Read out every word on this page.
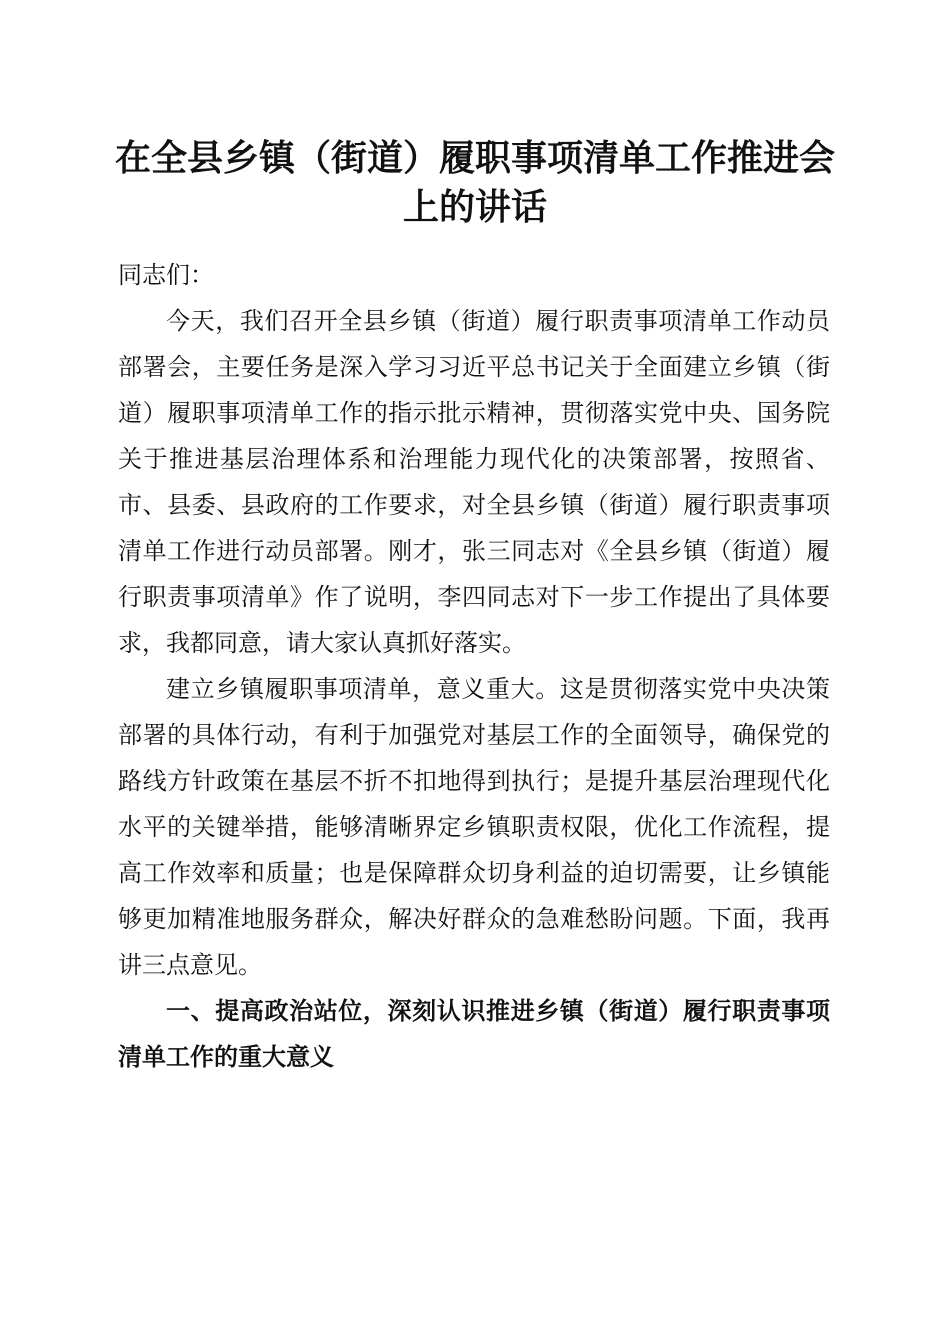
在全县乡镇（街道）履职事项清单工作推进会
上的讲话

同志们：

今天，我们召开全县乡镇（街道）履行职责事项清单工作动员部署会，主要任务是深入学习习近平总书记关于全面建立乡镇（街道）履职事项清单工作的指示批示精神，贯彻落实党中央、国务院关于推进基层治理体系和治理能力现代化的决策部署，按照省、市、县委、县政府的工作要求，对全县乡镇（街道）履行职责事项清单工作进行动员部署。刚才，张三同志对《全县乡镇（街道）履行职责事项清单》作了说明，李四同志对下一步工作提出了具体要求，我都同意，请大家认真抓好落实。

建立乡镇履职事项清单，意义重大。这是贯彻落实党中央决策部署的具体行动，有利于加强党对基层工作的全面领导，确保党的路线方针政策在基层不折不扣地得到执行；是提升基层治理现代化水平的关键举措，能够清晰界定乡镇职责权限，优化工作流程，提高工作效率和质量；也是保障群众切身利益的迫切需要，让乡镇能够更加精准地服务群众，解决好群众的急难愁盼问题。下面，我再讲三点意见。

一、提高政治站位，深刻认识推进乡镇（街道）履行职责事项清单工作的重大意义
